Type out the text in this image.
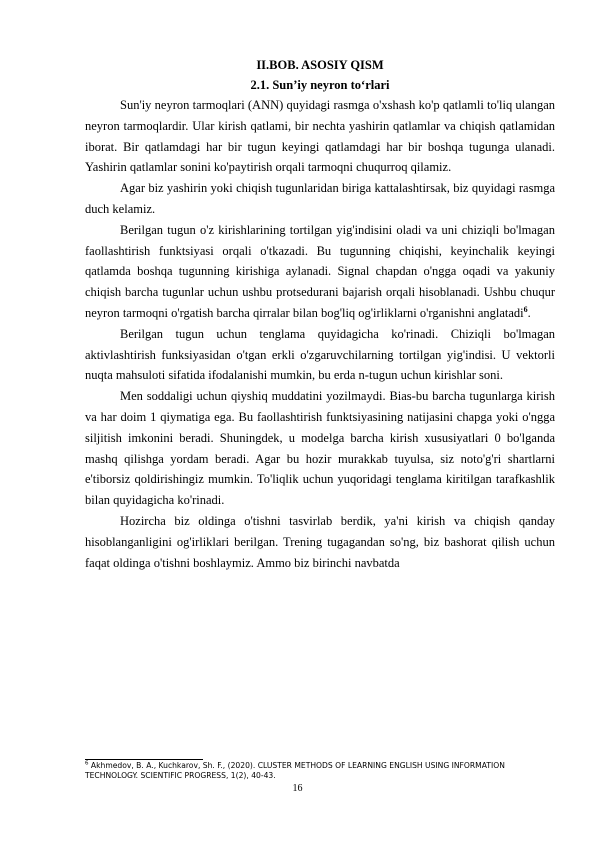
II.BOB. ASOSIY QISM

2.1. Sun’iy neyron to‘rlari

Sun'iy neyron tarmoqlari (ANN) quyidagi rasmga o'xshash ko'p qatlamli to'liq ulangan neyron tarmoqlardir. Ular kirish qatlami, bir nechta yashirin qatlamlar va chiqish qatlamidan iborat. Bir qatlamdagi har bir tugun keyingi qatlamdagi har bir boshqa tugunga ulanadi. Yashirin qatlamlar sonini ko'paytirish orqali tarmoqni chuqurroq qilamiz.

Agar biz yashirin yoki chiqish tugunlaridan biriga kattalashtirsak, biz quyidagi rasmga duch kelamiz.

Berilgan tugun o'z kirishlarining tortilgan yig'indisini oladi va uni chiziqli bo'lmagan faollashtirish funktsiyasi orqali o'tkazadi. Bu tugunning chiqishi, keyinchalik keyingi qatlamda boshqa tugunning kirishiga aylanadi. Signal chapdan o'ngga oqadi va yakuniy chiqish barcha tugunlar uchun ushbu protsedurani bajarish orqali hisoblanadi. Ushbu chuqur neyron tarmoqni o'rgatish barcha qirralar bilan bog'liq og'irliklarni o'rganishni anglatadi$^6$.

Berilgan tugun uchun tenglama quyidagicha ko'rinadi. Chiziqli bo'lmagan aktivlashtirish funksiyasidan o'tgan erkli o'zgaruvchilarning tortilgan yig'indisi. U vektorli nuqta mahsuloti sifatida ifodalanishi mumkin, bu erda n-tugun uchun kirishlar soni.

Men soddaligi uchun qiyshiq muddatini yozilmaydi. Bias-bu barcha tugunlarga kirish va har doim 1 qiymatiga ega. Bu faollashtirish funktsiyasining natijasini chapga yoki o'ngga siljitish imkonini beradi. Shuningdek, u modelga barcha kirish xususiyatlari 0 bo'lganda mashq qilishga yordam beradi. Agar bu hozir murakkab tuyulsa, siz noto'g'ri shartlarni e'tiborsiz qoldirishingiz mumkin. To'liqlik uchun yuqoridagi tenglama kiritilgan tarafkashlik bilan quyidagicha ko'rinadi.

Hozircha biz oldinga o'tishni tasvirlab berdik, ya'ni kirish va chiqish qanday hisoblanganligini og'irliklari berilgan. Trening tugagandan so'ng, biz bashorat qilish uchun faqat oldinga o'tishni boshlaymiz. Ammo biz birinchi navbatda

$^6$ Akhmedov, B. A., Kuchkarov, Sh. F., (2020). CLUSTER METHODS OF LEARNING ENGLISH USING INFORMATION TECHNOLOGY. SCIENTIFIC PROGRESS, 1(2), 40-43.

16
